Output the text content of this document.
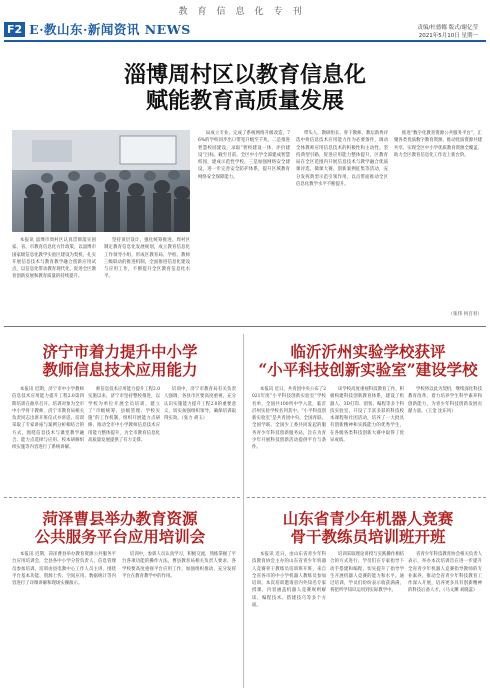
教育信息化专刊
F2 E·教山东·新闻资讯 NEWS	责编/杜德娜 版式/谢亿莹
2021年5月10日 星期一
淄博周村区以教育信息化
赋能教育高质量发展
本报讯 淄博市周村区认真贯彻落实国家、省、市教育信息化方针政策，以淄博市国家级信息化教学实验区建设为契机，扎实开展信息技术与教育教学融合创新应用试点，以信息化带动教育现代化，促进全区教育创新发展和教育质量的持续提升。
坚持顶层设计，强化统筹推进。周村区制定教育信息化发展规划，成立教育信息化工作领导小组，形成区教育局、学校、教师三级联动的推进机制，全面推进信息化建设与应用工作，不断提升全区教育信息化水平。
局成立专业，完成了系统网络升级改造，76%的学校同步出口带宽升级至千兆，二是推进智慧校园建设，录取“智校建设一体，评价建设”目标，截至目前，全区中小学全部建成智慧校园，建成示范性学校，三是加强网络安全建设，进一步完善安全防护体系，提升区域教育网络安全保障能力。
带头人，教研组长、骨干教师、教坛新秀评选中将信息技术应用能力作为必要条件，调动全体教师应用信息技术的积极性和主动性。坚持典型引路，促进应用能力整体提升。区教育局在全区范围内开展信息技术与教学融合优质课评选、微课大赛、创新案例征集等活动，充分发挥典型示范引领作用，以点带面推动全区信息化教学水平不断提升。
推进“数字化教育资源公共服务平台”，汇聚各类优质数字教育资源，推动优质资源共建共享，实现全区中小学优质教育资源全覆盖，助力全区教育信息化工作迈上新台阶。
（张伟 何召君）
济宁市着力提升中小学
教师信息技术应用能力
本报讯 近期，济宁市中小学教师信息技术应用能力提升工程2.0第四期培训在曲阜召开。培训对象为全市中小学骨干教师，济宁市教育局相关负责同志出席开班仪式并讲话。培训采取了专家讲座与案例分析相结合的方式，围绕信息技术与课堂教学融合、能力点选择与应用、校本研修组织实施等内容进行了系统讲解。
师信息技术应用能力提升工程2.0实施以来，济宁市坚持整校推进，以学校为单位开展全员培训，建立了“市级统筹、县级管理、学校实施”的工作机制，组织开展能力点研修，推动全市中小学教师信息技术应用能力整体提升，为全市教育信息化高质量发展提供了有力支撑。
培训中，济宁市教育局有关负责人强调，各县市区要高度重视，充分认识实施能力提升工程2.0的重要意义，切实加强组织领导，确保培训取得实效。（张力 胡玉）
临沂沂州实验学校获评
“小平科技创新实验室”建设学校
本报讯 近日，共青团中央公布了2021年度“小平科技创新实验室”学校名单，全国共100所中学入选，临沂沂州实验学校名列其中。“小平科技创新实验室”是共青团中央、全国青联、全国学联、全国少工委共同发起的服务青少年科技创新服务站，旨在为青少年开展科技创新活动提供平台与条件。
该学校高度重视科技教育工作，积极构建科技创新教育体系，建设了机器人、3D打印、创客、编程等多个科技实验室，开设了丰富多彩的科技校本课程和社团活动，培养了一大批具有创新精神和实践能力的优秀学生，在各级各类科技创新大赛中取得了优异成绩。
学校将以此为契机，继续深化科技教育改革，着力培养学生科学素养和创新能力，为青少年科技创新发展贡献力量。（王金 沈东风）
菏泽曹县举办教育资源
公共服务平台应用培训会
本报讯 近期，菏泽曹县举办教育资源公共服务平台应用培训会，全县各中小学分管负责人、信息管理员参加培训。培训由县电教中心工作人员主讲，围绕平台基本功能、资源上传、空间应用、数据统计等内容进行了详细讲解和现场实操演示。
培训中，参训人员认真学习，积极交流，熟练掌握了平台各项功能的操作方法。曹县教育局相关负责人要求，各学校要高度重视平台应用工作，加强组织推动，充分发挥平台在教育教学中的作用。
山东省青少年机器人竞赛
骨干教练员培训班开班
本报讯 近日，由山东省青少年科技教育协会主办的山东省青少年机器人竞赛骨干教练员培训班开班，来自全省各市的中小学机器人教练员参加培训。本次培训邀请省内外知名专家授课，内容涵盖机器人竞赛规则解读、编程技术、搭建技巧等多个方面。
培训采取理论讲授与实践操作相结合的方式进行，学员们在专家指导下动手搭建和编程，切实提升了指导学生开展机器人竞赛的能力和水平。通过培训，学员们纷纷表示收获满满，将把所学知识运用到实际教学中。
省青少年科技教育协会相关负责人表示，举办本次培训旨在进一步提升全省青少年机器人竞赛指导教师的专业素养，推动全省青少年科技教育工作深入开展，培养更多具有创新精神的科技后备人才。（马文渊 刘晓蕊）
